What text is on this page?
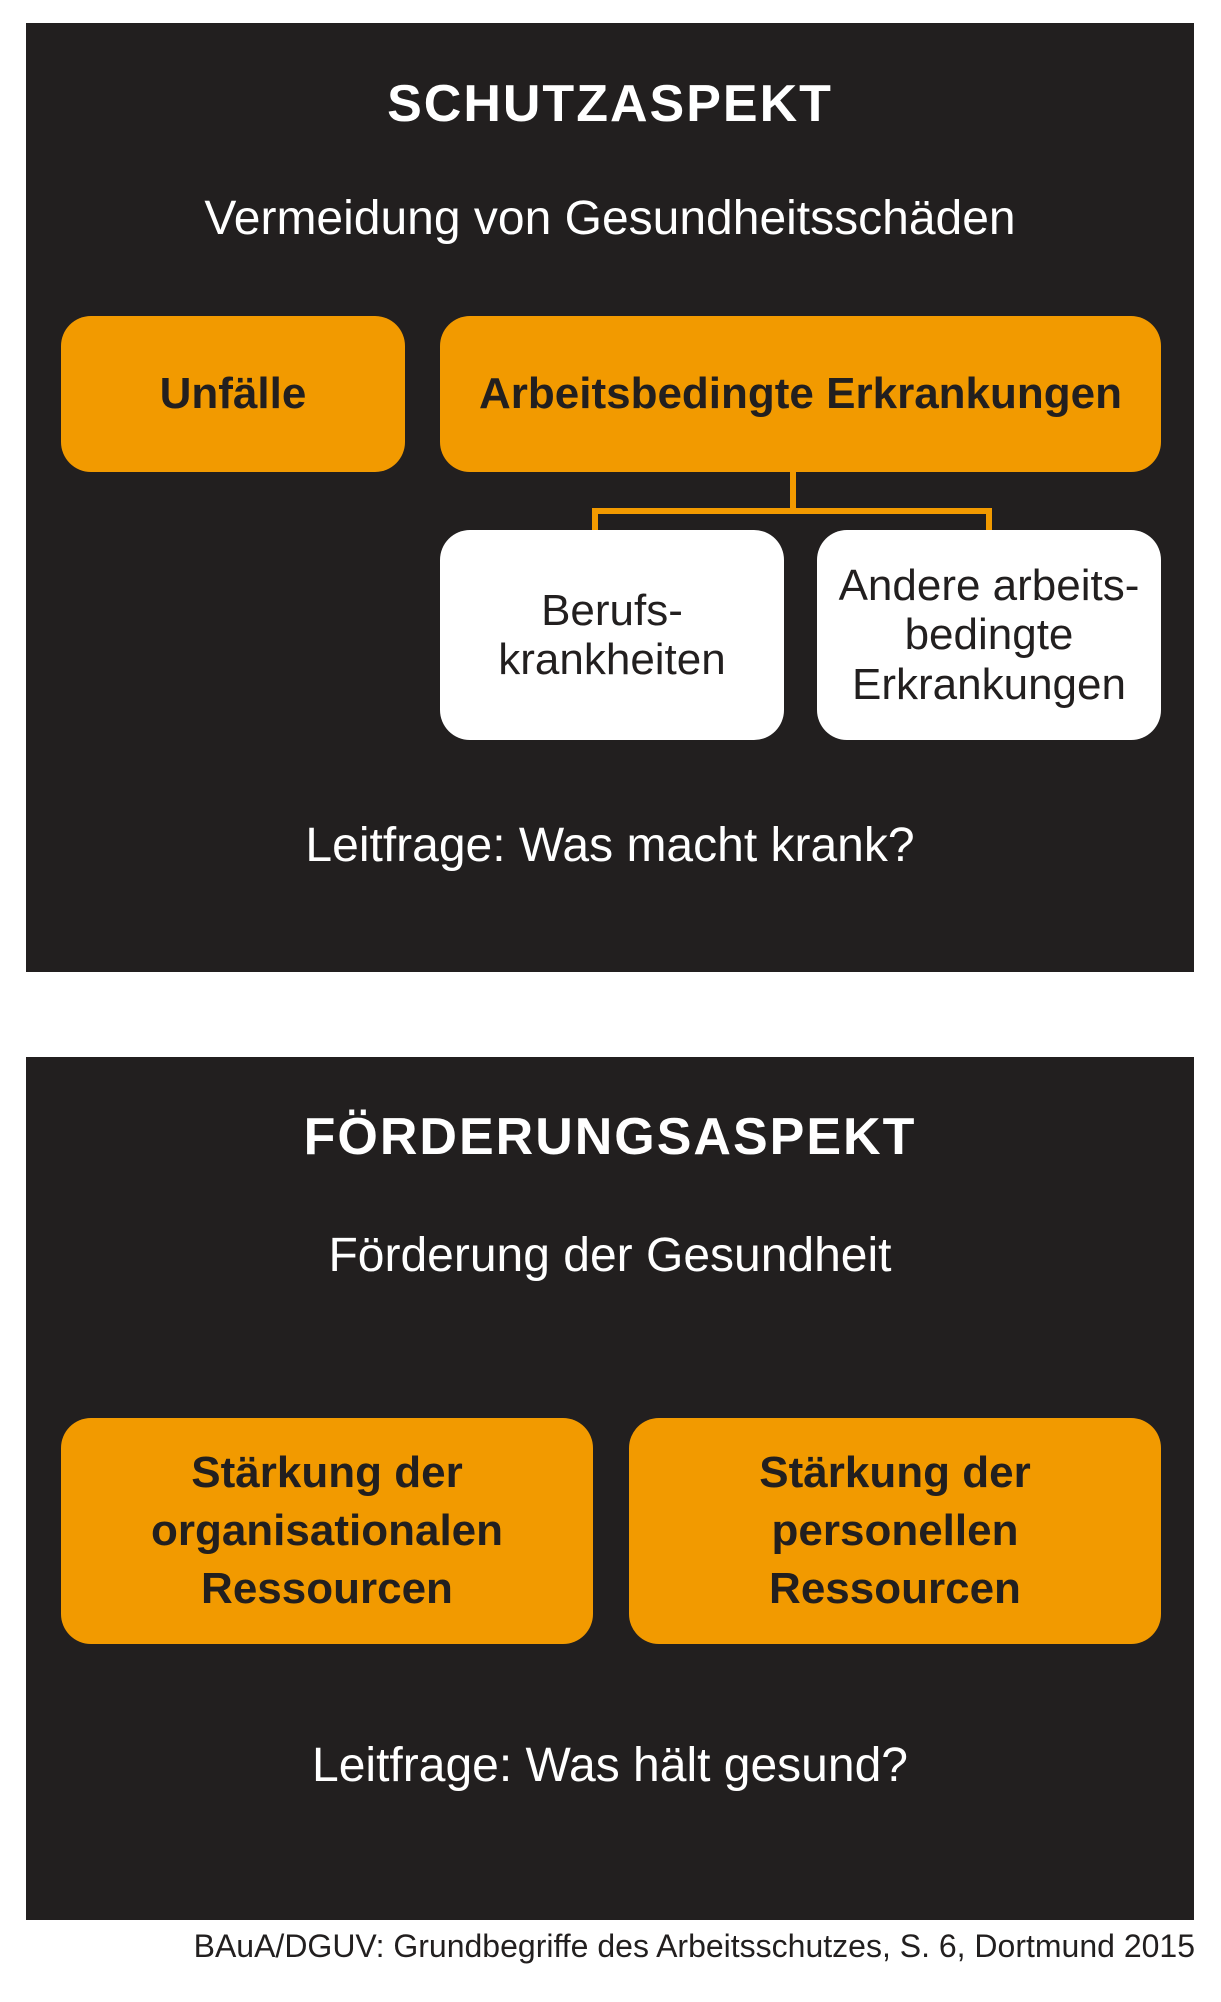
SCHUTZASPEKT
Vermeidung von Gesundheitsschäden
Unfälle	Arbeitsbedingte Erkrankungen
Berufs-
krankheiten
Andere arbeits-
bedingte
Erkrankungen
Leitfrage: Was macht krank?
FÖRDERUNGSASPEKT
Förderung der Gesundheit
Stärkung der
organisationalen
Ressourcen
Stärkung der
personellen
Ressourcen
Leitfrage: Was hält gesund?
BAuA/DGUV: Grundbegriffe des Arbeitsschutzes, S. 6, Dortmund 2015
